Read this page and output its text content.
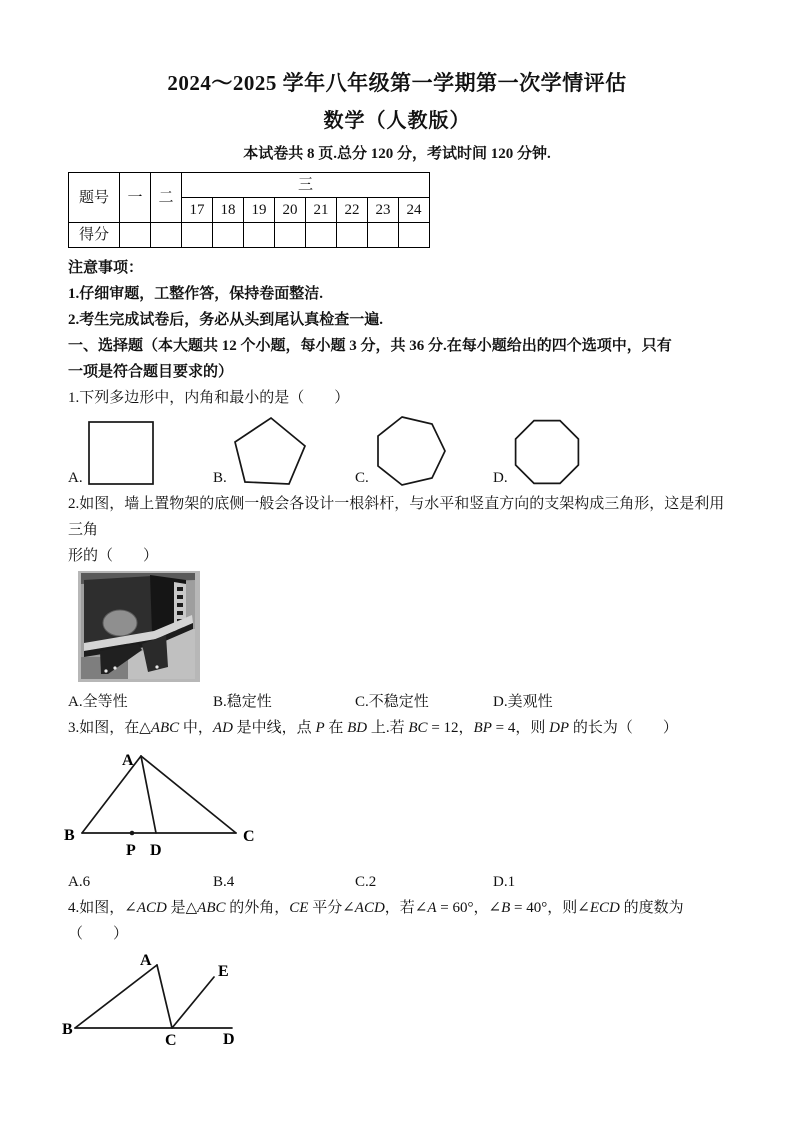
2024～2025 学年八年级第一学期第一次学情评估
数学（人教版）
本试卷共 8 页.总分 120 分，考试时间 120 分钟.
题号	一	二	三							
			17	18	19	20	21	22	23	24
得分										
注意事项：
1.仔细审题，工整作答，保持卷面整洁.
2.考生完成试卷后，务必从头到尾认真检查一遍.
一、选择题（本大题共 12 个小题，每小题 3 分，共 36 分.在每小题给出的四个选项中，只有
一项是符合题目要求的）
1.下列多边形中，内角和最小的是（　　）
A.	B.	C.	D.
2.如图，墙上置物架的底侧一般会各设计一根斜杆，与水平和竖直方向的支架构成三角形，这是利用三角
形的（　　）
A.全等性	B.稳定性	C.不稳定性	D.美观性
3.如图，在△ABC 中，AD 是中线，点 P 在 BD 上.若 BC = 12，BP = 4，则 DP 的长为（　　）
A
B	C
P D
A.6	B.4	C.2	D.1
4.如图，∠ACD 是△ABC 的外角，CE 平分∠ACD，若∠A = 60°，∠B = 40°，则∠ECD 的度数为
（　　）
A
B
C	D
E
